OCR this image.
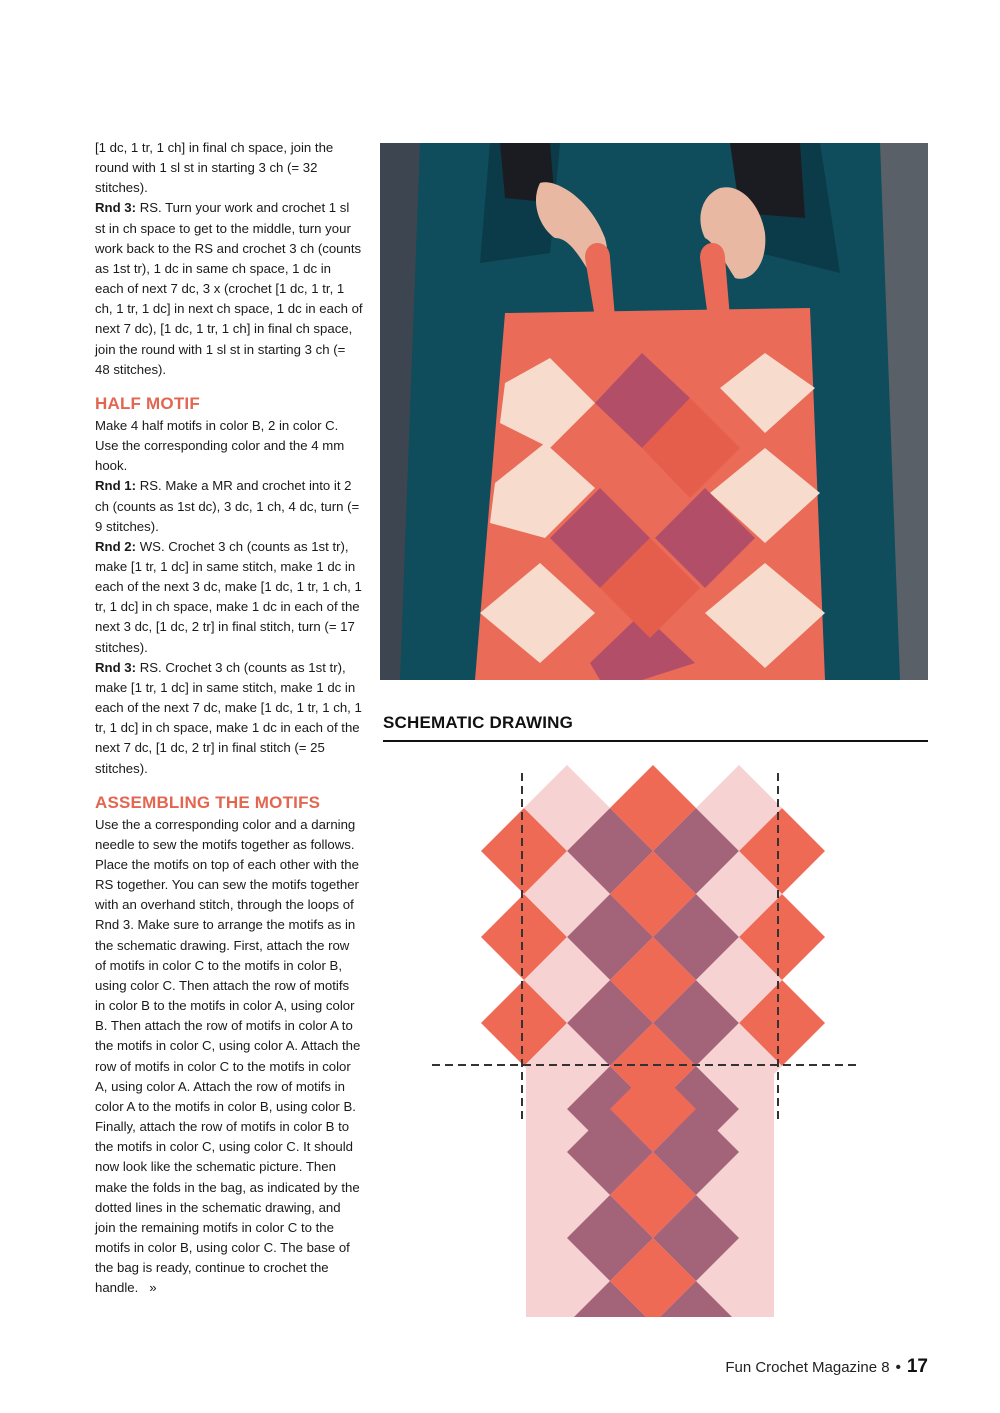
[1 dc, 1 tr, 1 ch] in final ch space, join the round with 1 sl st in starting 3 ch (= 32 stitches).

Rnd 3: RS. Turn your work and crochet 1 sl st in ch space to get to the middle, turn your work back to the RS and crochet 3 ch (counts as 1st tr), 1 dc in same ch space, 1 dc in each of next 7 dc, 3 x (crochet [1 dc, 1 tr, 1 ch, 1 tr, 1 dc] in next ch space, 1 dc in each of next 7 dc), [1 dc, 1 tr, 1 ch] in final ch space, join the round with 1 sl st in starting 3 ch (= 48 stitches).

HALF MOTIF

Make 4 half motifs in color B, 2 in color C. Use the corresponding color and the 4 mm hook.

Rnd 1: RS. Make a MR and crochet into it 2 ch (counts as 1st dc), 3 dc, 1 ch, 4 dc, turn (= 9 stitches).

Rnd 2: WS. Crochet 3 ch (counts as 1st tr), make [1 tr, 1 dc] in same stitch, make 1 dc in each of the next 3 dc, make [1 dc, 1 tr, 1 ch, 1 tr, 1 dc] in ch space, make 1 dc in each of the next 3 dc, [1 dc, 2 tr] in final stitch, turn (= 17 stitches).

Rnd 3: RS. Crochet 3 ch (counts as 1st tr), make [1 tr, 1 dc] in same stitch, make 1 dc in each of the next 7 dc, make [1 dc, 1 tr, 1 ch, 1 tr, 1 dc] in ch space, make 1 dc in each of the next 7 dc, [1 dc, 2 tr] in final stitch (= 25 stitches).

ASSEMBLING THE MOTIFS

Use the a corresponding color and a darning needle to sew the motifs together as follows. Place the motifs on top of each other with the RS together. You can sew the motifs together with an overhand stitch, through the loops of Rnd 3. Make sure to arrange the motifs as in the schematic drawing. First, attach the row of motifs in color C to the motifs in color B, using color C. Then attach the row of motifs in color B to the motifs in color A, using color B. Then attach the row of motifs in color A to the motifs in color C, using color A. Attach the row of motifs in color C to the motifs in color A, using color A. Attach the row of motifs in color A to the motifs in color B, using color B. Finally, attach the row of motifs in color B to the motifs in color C, using color C. It should now look like the schematic picture. Then make the folds in the bag, as indicated by the dotted lines in the schematic drawing, and join the remaining motifs in color C to the motifs in color B, using color C. The base of the bag is ready, continue to crochet the handle. »

SCHEMATIC DRAWING
Fun Crochet Magazine 8 • 17
